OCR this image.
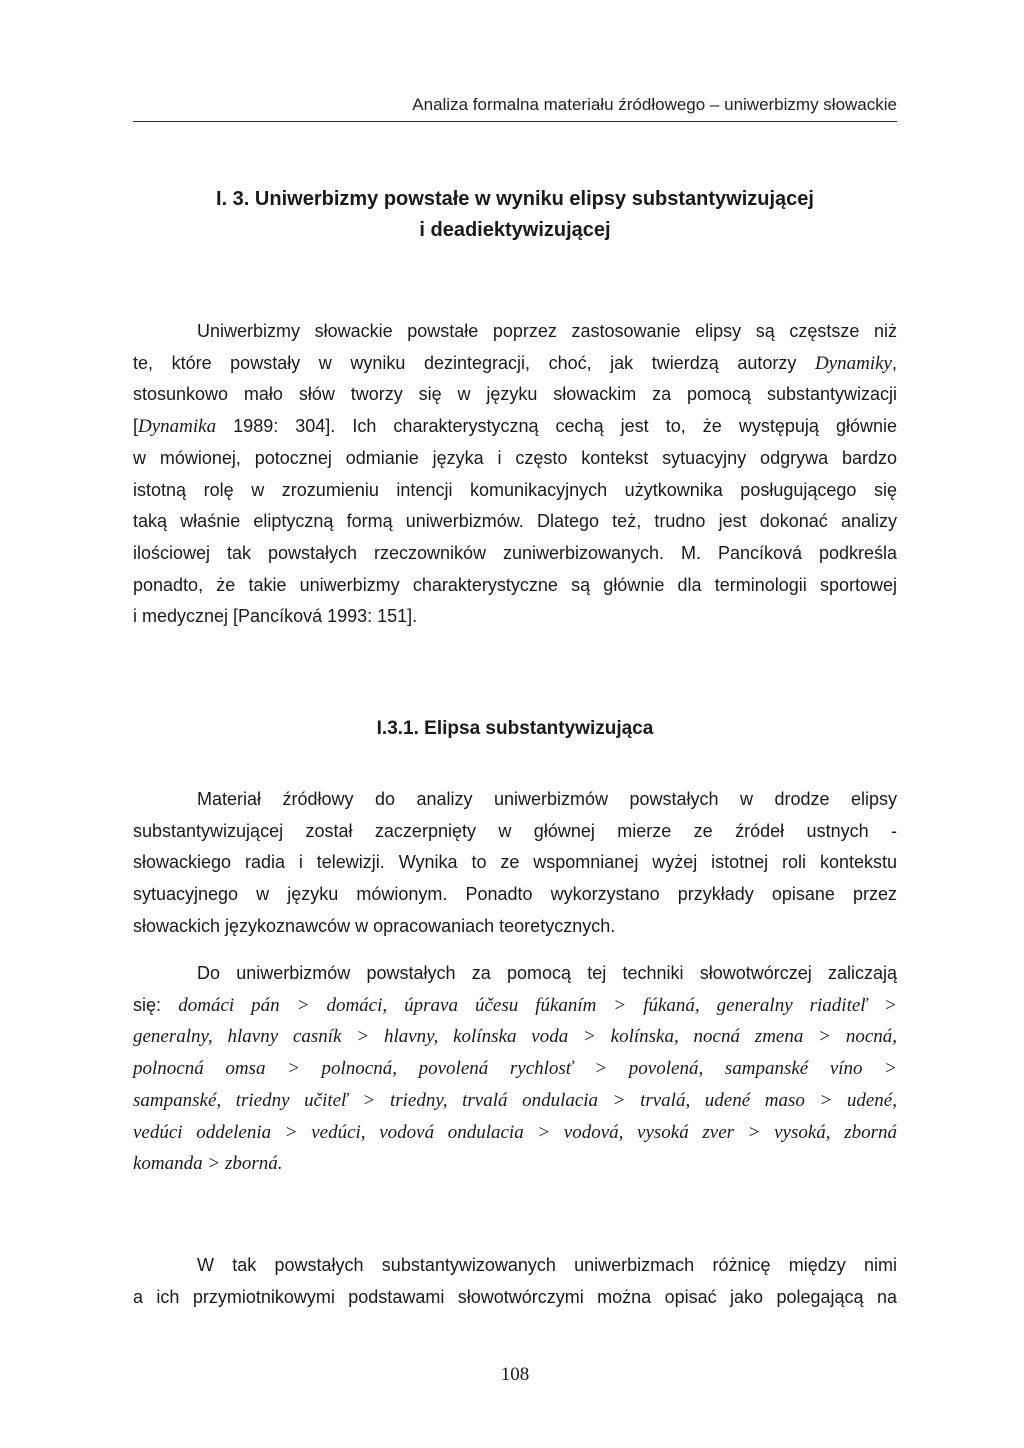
Analiza formalna materiału źródłowego – uniwerbizmy słowackie
I. 3. Uniwerbizmy powstałe w wyniku elipsy substantywizującej
i deadiektywizującej

Uniwerbizmy słowackie powstałe poprzez zastosowanie elipsy są częstsze niż
te, które powstały w wyniku dezintegracji, choć, jak twierdzą autorzy Dynamiky,
stosunkowo mało słów tworzy się w języku słowackim za pomocą substantywizacji
[Dynamika 1989: 304]. Ich charakterystyczną cechą jest to, że występują głównie
w mówionej, potocznej odmianie języka i często kontekst sytuacyjny odgrywa bardzo
istotną rolę w zrozumieniu intencji komunikacyjnych użytkownika posługującego się
taką właśnie eliptyczną formą uniwerbizmów. Dlatego też, trudno jest dokonać analizy
ilościowej tak powstałych rzeczowników zuniwerbizowanych. M. Pancíková podkreśla
ponadto, że takie uniwerbizmy charakterystyczne są głównie dla terminologii sportowej
i medycznej [Pancíková 1993: 151].

I.3.1. Elipsa substantywizująca

Materiał źródłowy do analizy uniwerbizmów powstałych w drodze elipsy
substantywizującej został zaczerpnięty w głównej mierze ze źródeł ustnych -
słowackiego radia i telewizji. Wynika to ze wspomnianej wyżej istotnej roli kontekstu
sytuacyjnego w języku mówionym. Ponadto wykorzystano przykłady opisane przez
słowackich językoznawców w opracowaniach teoretycznych.

Do uniwerbizmów powstałych za pomocą tej techniki słowotwórczej zaliczają
się: domáci pán > domáci, úprava účesu fúkaním > fúkaná, generalny riaditeľ >
generalny, hlavny casník > hlavny, kolínska voda > kolínska, nocná zmena > nocná,
polnocná omsa > polnocná, povolená rychlosť > povolená, sampanské víno >
sampanské, triedny učiteľ > triedny, trvalá ondulacia > trvalá, udené maso > udené,
vedúci oddelenia > vedúci, vodová ondulacia > vodová, vysoká zver > vysoká, zborná
komanda > zborná.

W tak powstałych substantywizowanych uniwerbizmach różnicę między nimi
a ich przymiotnikowymi podstawami słowotwórczymi można opisać jako polegającą na

108
